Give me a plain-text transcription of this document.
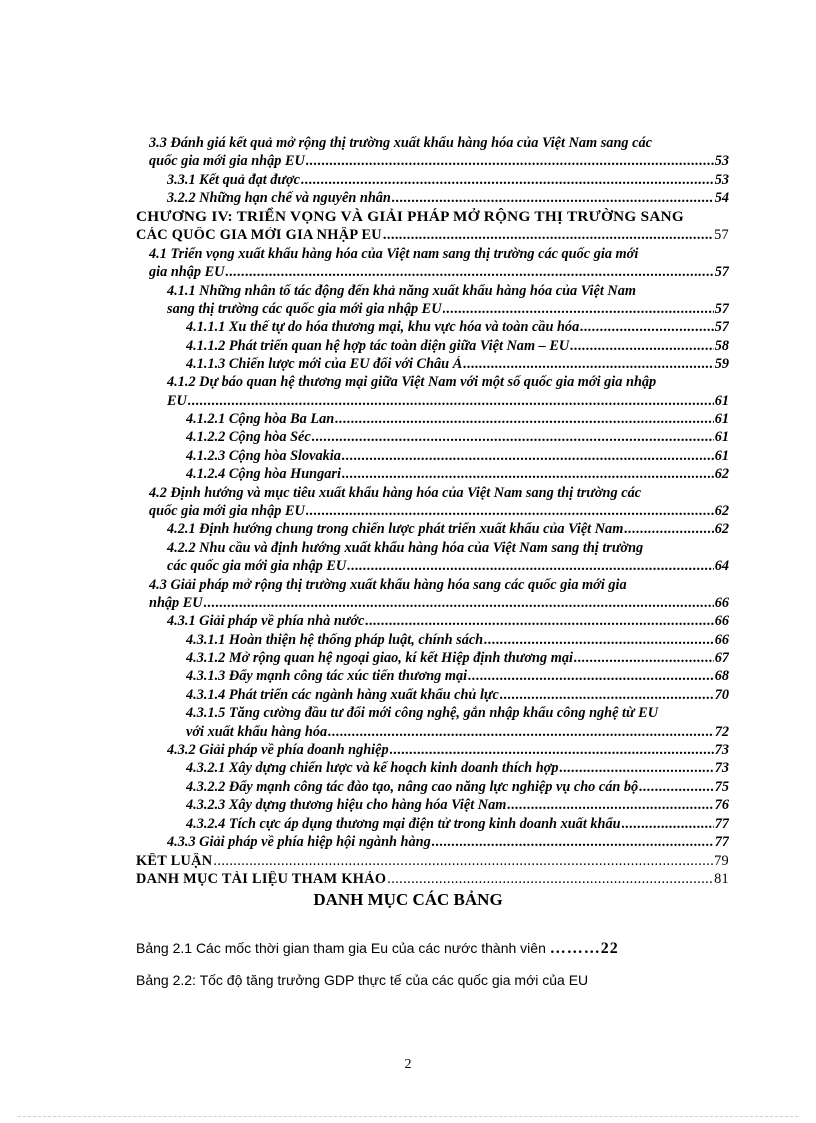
3.3 Đánh giá kết quả mở rộng thị trường xuất khẩu hàng hóa của Việt Nam sang các
quốc gia mới gia nhập EU .....	53
3.3.1 Kết quả đạt được .....	53
3.2.2 Những hạn chế và nguyên nhân .....	54
CHƯƠNG IV: TRIỂN VỌNG VÀ GIẢI PHÁP MỞ RỘNG THỊ TRƯỜNG SANG
CÁC QUỐC GIA MỚI GIA NHẬP EU .....	57
4.1 Triển vọng xuất khẩu hàng hóa của Việt nam sang thị trường các quốc gia mới
gia nhập EU .....	57
4.1.1 Những nhân tố tác động đến khả năng xuất khẩu hàng hóa của Việt Nam
sang thị trường các quốc gia mới gia nhập EU .....	57
4.1.1.1 Xu thế tự do hóa thương mại, khu vực hóa và toàn cầu hóa .....	57
4.1.1.2 Phát triển quan hệ hợp tác toàn diện giữa Việt Nam – EU .....	58
4.1.1.3 Chiến lược mới của EU đối với Châu Á .....	59
4.1.2 Dự báo quan hệ thương mại giữa Việt Nam với một số quốc gia mới gia nhập
EU .....	61
4.1.2.1 Cộng hòa Ba Lan .....	61
4.1.2.2 Cộng hòa Séc .....	61
4.1.2.3 Cộng hòa Slovakia .....	61
4.1.2.4 Cộng hòa Hungari .....	62
4.2 Định hướng và mục tiêu xuất khẩu hàng hóa của Việt Nam sang thị trường các
quốc gia mới gia nhập EU .....	62
4.2.1 Định hướng chung trong chiến lược phát triển xuất khẩu của Việt Nam .....	62
4.2.2 Nhu cầu và định hướng xuất khẩu hàng hóa của Việt Nam sang thị trường
các quốc gia mới gia nhập EU .....	64
4.3 Giải pháp mở rộng thị trường xuất khẩu hàng hóa sang các quốc gia mới gia
nhập EU .....	66
4.3.1 Giải pháp về phía nhà nước .....	66
4.3.1.1 Hoàn thiện hệ thống pháp luật, chính sách .....	66
4.3.1.2 Mở rộng quan hệ ngoại giao, kí kết Hiệp định thương mại .....	67
4.3.1.3 Đẩy mạnh công tác xúc tiến thương mại .....	68
4.3.1.4 Phát triển các ngành hàng xuất khẩu chủ lực .....	70
4.3.1.5 Tăng cường đầu tư đổi mới công nghệ, gắn nhập khẩu công nghệ từ EU
với xuất khẩu hàng hóa .....	72
4.3.2 Giải pháp về phía doanh nghiệp .....	73
4.3.2.1 Xây dựng chiến lược và kế hoạch kinh doanh thích hợp .....	73
4.3.2.2 Đẩy mạnh công tác đào tạo, nâng cao năng lực nghiệp vụ cho cán bộ .....	75
4.3.2.3 Xây dựng thương hiệu cho hàng hóa Việt Nam .....	76
4.3.2.4 Tích cực áp dụng thương mại điện tử trong kinh doanh xuất khẩu .....	77
4.3.3 Giải pháp về phía hiệp hội ngành hàng .....	77
KẾT LUẬN .....	79
DANH MỤC TÀI LIỆU THAM KHẢO .....	81
DANH MỤC CÁC BẢNG
Bảng 2.1 Các mốc thời gian tham gia Eu của các nước thành viên ………22
Bảng 2.2: Tốc độ tăng trưởng GDP thực tế của các quốc gia mới của EU
2
